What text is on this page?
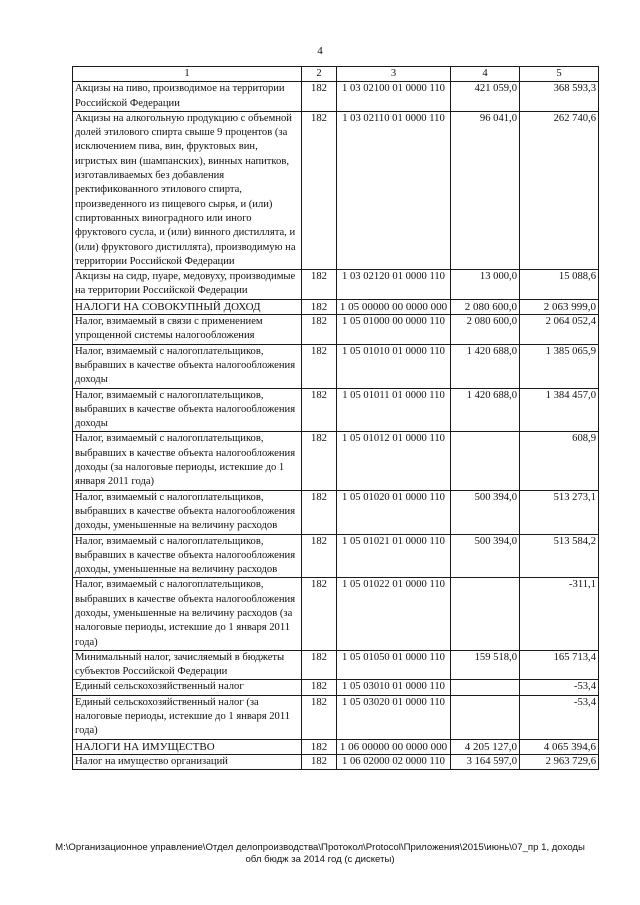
4
1	2	3	4	5
Акцизы на пиво, производимое на территории Российской Федерации	182	1 03 02100 01 0000 110	421 059,0	368 593,3
Акцизы на алкогольную продукцию с объемной долей этилового спирта свыше 9 процентов (за исключением пива, вин, фруктовых вин, игристых вин (шампанских), винных напитков, изготавливаемых без добавления ректификованного этилового спирта, произведенного из пищевого сырья, и (или) спиртованных виноградного или иного фруктового сусла, и (или) винного дистиллята, и (или) фруктового дистиллята), производимую на территории Российской Федерации	182	1 03 02110 01 0000 110	96 041,0	262 740,6
Акцизы на сидр, пуаре, медовуху, производимые на территории Российской Федерации	182	1 03 02120 01 0000 110	13 000,0	15 088,6
НАЛОГИ НА СОВОКУПНЫЙ ДОХОД	182	1 05 00000 00 0000 000	2 080 600,0	2 063 999,0
Налог, взимаемый в связи с применением упрощенной системы налогообложения	182	1 05 01000 00 0000 110	2 080 600,0	2 064 052,4
Налог, взимаемый с налогоплательщиков, выбравших в качестве объекта налогообложения доходы	182	1 05 01010 01 0000 110	1 420 688,0	1 385 065,9
Налог, взимаемый с налогоплательщиков, выбравших в качестве объекта налогообложения доходы	182	1 05 01011 01 0000 110	1 420 688,0	1 384 457,0
Налог, взимаемый с налогоплательщиков, выбравших в качестве объекта налогообложения доходы (за налоговые периоды, истекшие до 1 января 2011 года)	182	1 05 01012 01 0000 110		608,9
Налог, взимаемый с налогоплательщиков, выбравших в качестве объекта налогообложения доходы, уменьшенные на величину расходов	182	1 05 01020 01 0000 110	500 394,0	513 273,1
Налог, взимаемый с налогоплательщиков, выбравших в качестве объекта налогообложения доходы, уменьшенные на величину расходов	182	1 05 01021 01 0000 110	500 394,0	513 584,2
Налог, взимаемый с налогоплательщиков, выбравших в качестве объекта налогообложения доходы, уменьшенные на величину расходов (за налоговые периоды, истекшие до 1 января 2011 года)	182	1 05 01022 01 0000 110		-311,1
Минимальный налог, зачисляемый в бюджеты субъектов Российской Федерации	182	1 05 01050 01 0000 110	159 518,0	165 713,4
Единый сельскохозяйственный налог	182	1 05 03010 01 0000 110		-53,4
Единый сельскохозяйственный налог (за налоговые периоды, истекшие до 1 января 2011 года)	182	1 05 03020 01 0000 110		-53,4
НАЛОГИ НА ИМУЩЕСТВО	182	1 06 00000 00 0000 000	4 205 127,0	4 065 394,6
Налог на имущество организаций	182	1 06 02000 02 0000 110	3 164 597,0	2 963 729,6
M:\Организационное управление\Отдел делопроизводства\Протокол\Protocol\Приложения\2015\июнь\07_пр 1, доходы
обл бюдж за 2014 год (с дискеты)
